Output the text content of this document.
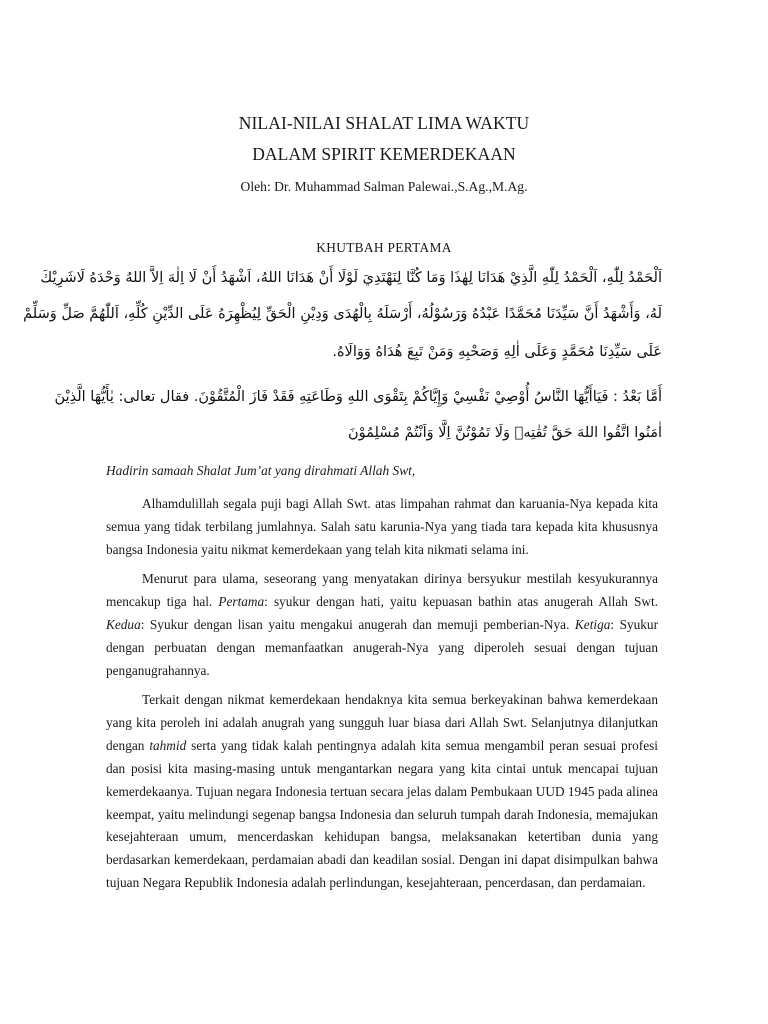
NILAI-NILAI SHALAT LIMA WAKTU
DALAM SPIRIT KEMERDEKAAN
Oleh: Dr. Muhammad Salman Palewai.,S.Ag.,M.Ag.
KHUTBAH PERTAMA
اَلْحَمْدُ لِلّٰهِ، اَلْحَمْدُ لِلّٰهِ الَّذِيْ هَدَانَا لِهٰذَا وَمَا كُنَّا لِنَهْتَدِيَ لَوْلَا أَنْ هَدَانَا اللهُ، اَشْهَدُ أَنْ لَا اِلٰهَ اِلاَّ اللهُ وَحْدَهُ لَاشَرِيْكَ
لَهُ، وَأَشْهَدُ أَنَّ سَيِّدَنَا مُحَمَّدًا عَبْدُهُ وَرَسُوْلُهُ، أَرْسَلَهُ بِالْهُدَى وَدِيْنِ الْحَقِّ لِيُظْهِرَهُ عَلَى الدِّيْنِ كُلِّهِ، اَللّٰهُمَّ صَلِّ وَسَلِّمْ
عَلَى سَيِّدِنَا مُحَمَّدٍ وَعَلَى اٰلِهِ وَصَحْبِهِ وَمَنْ تَبِعَ هُدَاهُ وَوَالَاهُ.
أَمَّا بَعْدُ : فَيَاأَيُّهَا النَّاسُ أُوْصِيْ نَفْسِيْ وَإِيَّاكُمْ بِتَقْوَى اللهِ وَطَاعَتِهِ فَقَدْ فَازَ الْمُتَّقُوْنَ. فقال تعالى: يٰأَيُّهَا الَّذِيْنَ
اٰمَنُوا اتَّقُوا اللهَ حَقَّ تُقٰتِهٖ وَلَا تَمُوْتُنَّ اِلَّا وَاَنْتُمْ مُسْلِمُوْنَ
Hadirin samaah Shalat Jum’at yang dirahmati Allah Swt,

Alhamdulillah segala puji bagi Allah Swt. atas limpahan rahmat dan karuania-Nya kepada kita semua yang tidak terbilang jumlahnya. Salah satu karunia-Nya yang tiada tara kepada kita khususnya bangsa Indonesia yaitu nikmat kemerdekaan yang telah kita nikmati selama ini.

Menurut para ulama, seseorang yang menyatakan dirinya bersyukur mestilah kesyukurannya mencakup tiga hal. Pertama: syukur dengan hati, yaitu kepuasan bathin atas anugerah Allah Swt. Kedua: Syukur dengan lisan yaitu mengakui anugerah dan memuji pemberian-Nya. Ketiga: Syukur dengan perbuatan dengan memanfaatkan anugerah-Nya yang diperoleh sesuai dengan tujuan penganugrahannya.

Terkait dengan nikmat kemerdekaan hendaknya kita semua berkeyakinan bahwa kemerdekaan yang kita peroleh ini adalah anugrah yang sungguh luar biasa dari Allah Swt. Selanjutnya dilanjutkan dengan tahmid serta yang tidak kalah pentingnya adalah kita semua mengambil peran sesuai profesi dan posisi kita masing-masing untuk mengantarkan negara yang kita cintai untuk mencapai tujuan kemerdekaanya. Tujuan negara Indonesia tertuan secara jelas dalam Pembukaan UUD 1945 pada alinea keempat, yaitu melindungi segenap bangsa Indonesia dan seluruh tumpah darah Indonesia, memajukan kesejahteraan umum, mencerdaskan kehidupan bangsa, melaksanakan ketertiban dunia yang berdasarkan kemerdekaan, perdamaian abadi dan keadilan sosial. Dengan ini dapat disimpulkan bahwa tujuan Negara Republik Indonesia adalah perlindungan, kesejahteraan, pencerdasan, dan perdamaian.
